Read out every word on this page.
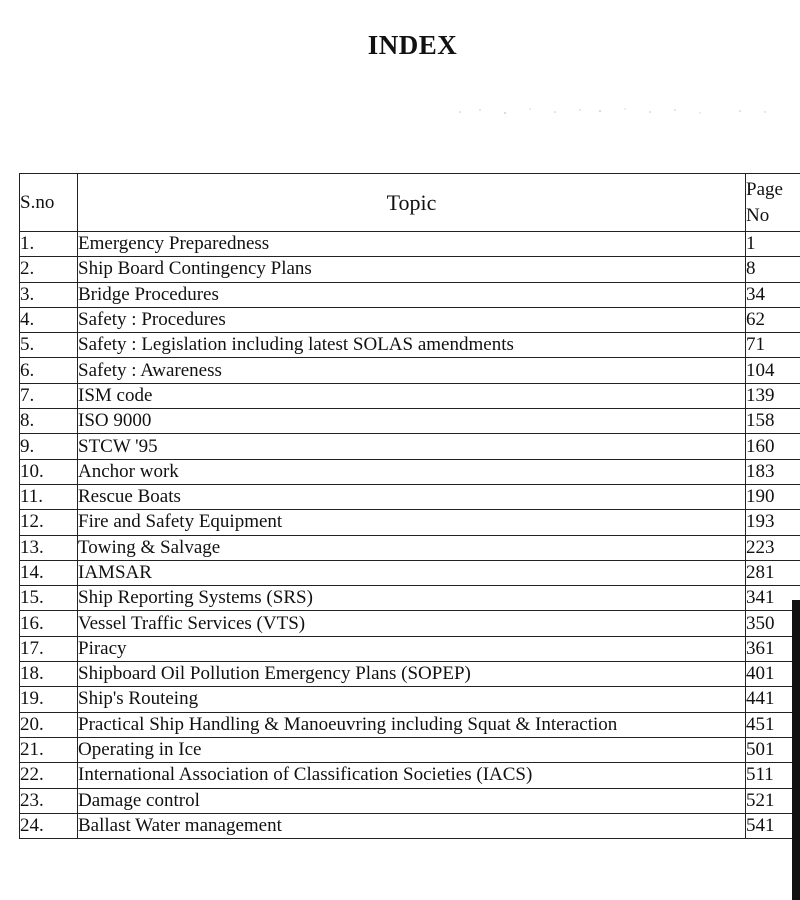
INDEX
S.no	Topic	Page
No
1.	Emergency Preparedness	1
2.	Ship Board Contingency Plans	8
3.	Bridge Procedures	34
4.	Safety : Procedures	62
5.	Safety : Legislation including latest SOLAS amendments	71
6.	Safety : Awareness	104
7.	ISM code	139
8.	ISO 9000	158
9.	STCW '95	160
10.	Anchor work	183
11.	Rescue Boats	190
12.	Fire and Safety Equipment	193
13.	Towing & Salvage	223
14.	IAMSAR	281
15.	Ship Reporting Systems (SRS)	341
16.	Vessel Traffic Services (VTS)	350
17.	Piracy	361
18.	Shipboard Oil Pollution Emergency Plans (SOPEP)	401
19.	Ship's Routeing	441
20.	Practical Ship Handling & Manoeuvring including Squat & Interaction	451
21.	Operating in Ice	501
22.	International Association of Classification Societies (IACS)	511
23.	Damage control	521
24.	Ballast Water management	541
